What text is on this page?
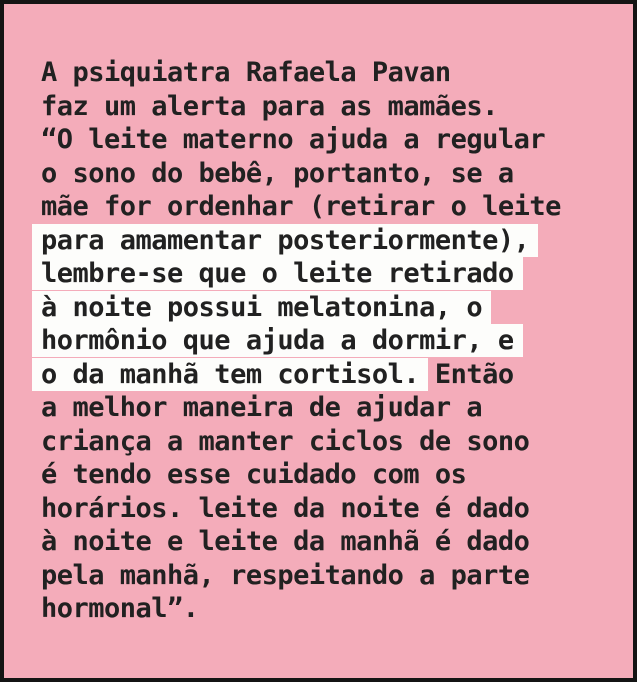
A psiquiatra Rafaela Pavan
faz um alerta para as mamães.
“O leite materno ajuda a regular
o sono do bebê, portanto, se a
mãe for ordenhar (retirar o leite
para amamentar posteriormente),
lembre-se que o leite retirado
à noite possui melatonina, o
hormônio que ajuda a dormir, e
o da manhã tem cortisol. Então
a melhor maneira de ajudar a
criança a manter ciclos de sono
é tendo esse cuidado com os
horários. leite da noite é dado
à noite e leite da manhã é dado
pela manhã, respeitando a parte
hormonal”.
